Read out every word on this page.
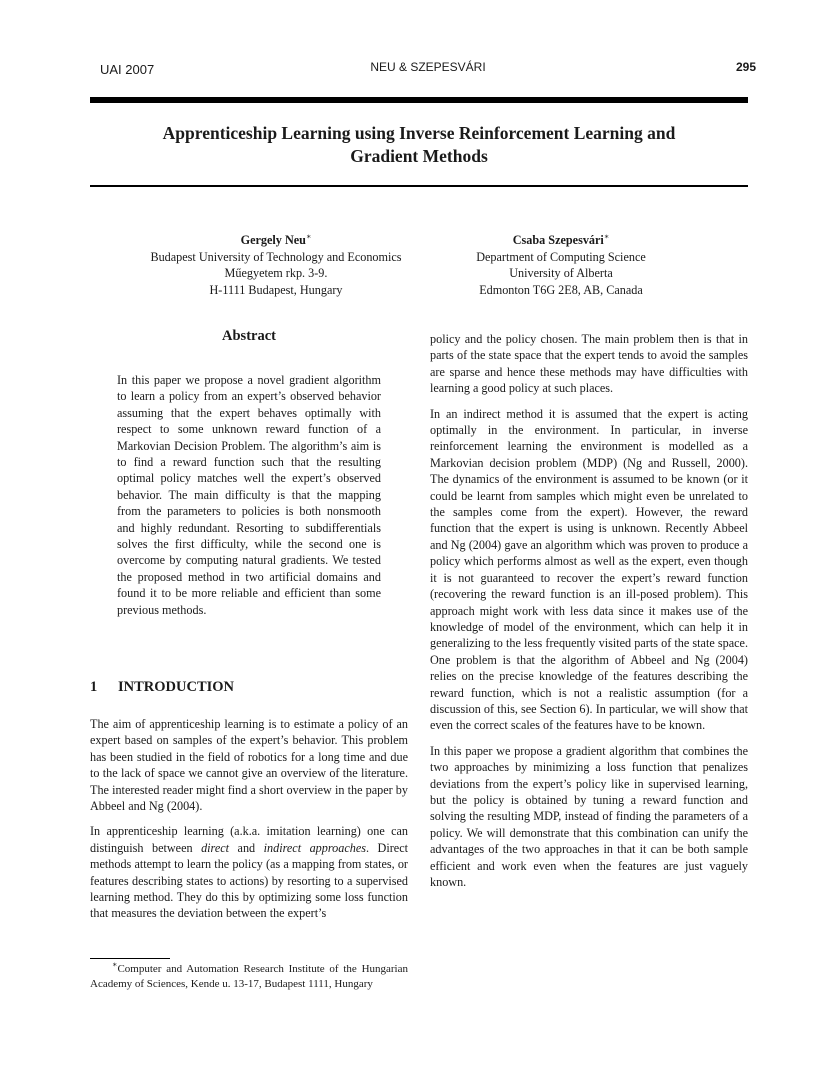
UAI 2007	NEU & SZEPESVÁRI	295
Apprenticeship Learning using Inverse Reinforcement Learning and
Gradient Methods
Gergely Neu∗
Budapest University of Technology and Economics
Műegyetem rkp. 3-9.
H-1111 Budapest, Hungary
Csaba Szepesvári∗
Department of Computing Science
University of Alberta
Edmonton T6G 2E8, AB, Canada
Abstract
In this paper we propose a novel gradient algorithm to learn a policy from an expert’s observed behavior assuming that the expert behaves optimally with respect to some unknown reward function of a Markovian Decision Problem. The algorithm’s aim is to find a reward function such that the resulting optimal policy matches well the expert’s observed behavior. The main difficulty is that the mapping from the parameters to policies is both nonsmooth and highly redundant. Resorting to subdifferentials solves the first difficulty, while the second one is overcome by computing natural gradients. We tested the proposed method in two artificial domains and found it to be more reliable and efficient than some previous methods.
1 INTRODUCTION

The aim of apprenticeship learning is to estimate a policy of an expert based on samples of the expert’s behavior. This problem has been studied in the field of robotics for a long time and due to the lack of space we cannot give an overview of the literature. The interested reader might find a short overview in the paper by Abbeel and Ng (2004).

In apprenticeship learning (a.k.a. imitation learning) one can distinguish between direct and indirect approaches. Direct methods attempt to learn the policy (as a mapping from states, or features describing states to actions) by resorting to a supervised learning method. They do this by optimizing some loss function that measures the deviation between the expert’s

∗Computer and Automation Research Institute of the Hungarian Academy of Sciences, Kende u. 13-17, Budapest 1111, Hungary

policy and the policy chosen. The main problem then is that in parts of the state space that the expert tends to avoid the samples are sparse and hence these methods may have difficulties with learning a good policy at such places.

In an indirect method it is assumed that the expert is acting optimally in the environment. In particular, in inverse reinforcement learning the environment is modelled as a Markovian decision problem (MDP) (Ng and Russell, 2000). The dynamics of the environment is assumed to be known (or it could be learnt from samples which might even be unrelated to the samples come from the expert). However, the reward function that the expert is using is unknown. Recently Abbeel and Ng (2004) gave an algorithm which was proven to produce a policy which performs almost as well as the expert, even though it is not guaranteed to recover the expert’s reward function (recovering the reward function is an ill-posed problem). This approach might work with less data since it makes use of the knowledge of model of the environment, which can help it in generalizing to the less frequently visited parts of the state space. One problem is that the algorithm of Abbeel and Ng (2004) relies on the precise knowledge of the features describing the reward function, which is not a realistic assumption (for a discussion of this, see Section 6). In particular, we will show that even the correct scales of the features have to be known.

In this paper we propose a gradient algorithm that combines the two approaches by minimizing a loss function that penalizes deviations from the expert’s policy like in supervised learning, but the policy is obtained by tuning a reward function and solving the resulting MDP, instead of finding the parameters of a policy. We will demonstrate that this combination can unify the advantages of the two approaches in that it can be both sample efficient and work even when the features are just vaguely known.
